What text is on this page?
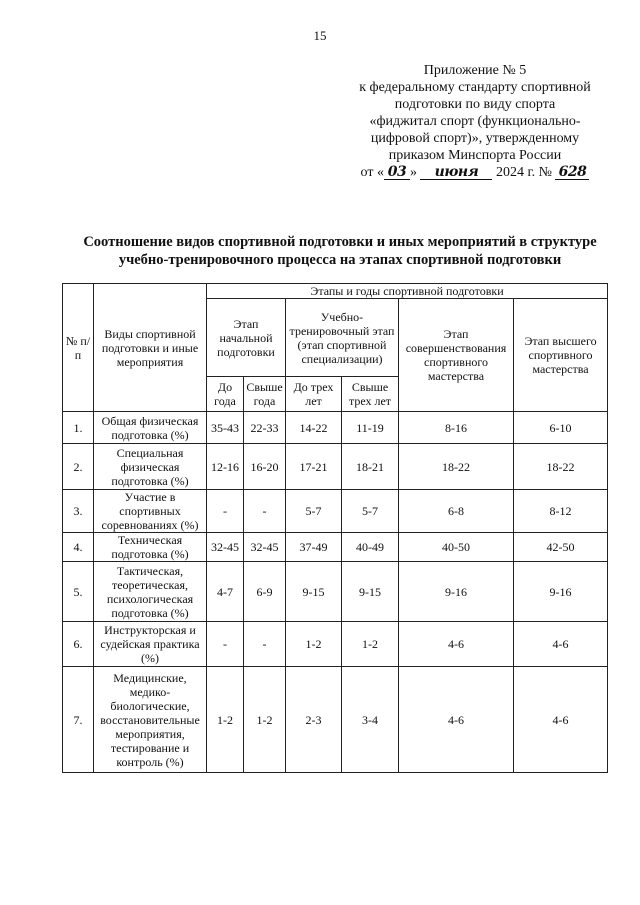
15
Приложение № 5
к федеральному стандарту спортивной
подготовки по виду спорта
«фиджитал спорт (функционально-
цифровой спорт)», утвержденному
приказом Минспорта России
от « 03 » июня 2024 г. № 628
Соотношение видов спортивной подготовки и иных мероприятий в структуре
учебно-тренировочного процесса на этапах спортивной подготовки
№ п/п	Виды спортивной подготовки и иные мероприятия	Этапы и годы спортивной подготовки					
		Этап начальной подготовки		Учебно-тренировочный этап (этап спортивной специализации)		Этап совершенствования спортивного мастерства	Этап высшего спортивного мастерства
		До года	Свыше года	До трех лет	Свыше трех лет		
1.	Общая физическая подготовка (%)	35-43	22-33	14-22	11-19	8-16	6-10
2.	Специальная физическая подготовка (%)	12-16	16-20	17-21	18-21	18-22	18-22
3.	Участие в спортивных соревнованиях (%)	-	-	5-7	5-7	6-8	8-12
4.	Техническая подготовка (%)	32-45	32-45	37-49	40-49	40-50	42-50
5.	Тактическая, теоретическая, психологическая подготовка (%)	4-7	6-9	9-15	9-15	9-16	9-16
6.	Инструкторская и судейская практика (%)	-	-	1-2	1-2	4-6	4-6
7.	Медицинские, медико-биологические, восстановительные мероприятия, тестирование и контроль (%)	1-2	1-2	2-3	3-4	4-6	4-6
